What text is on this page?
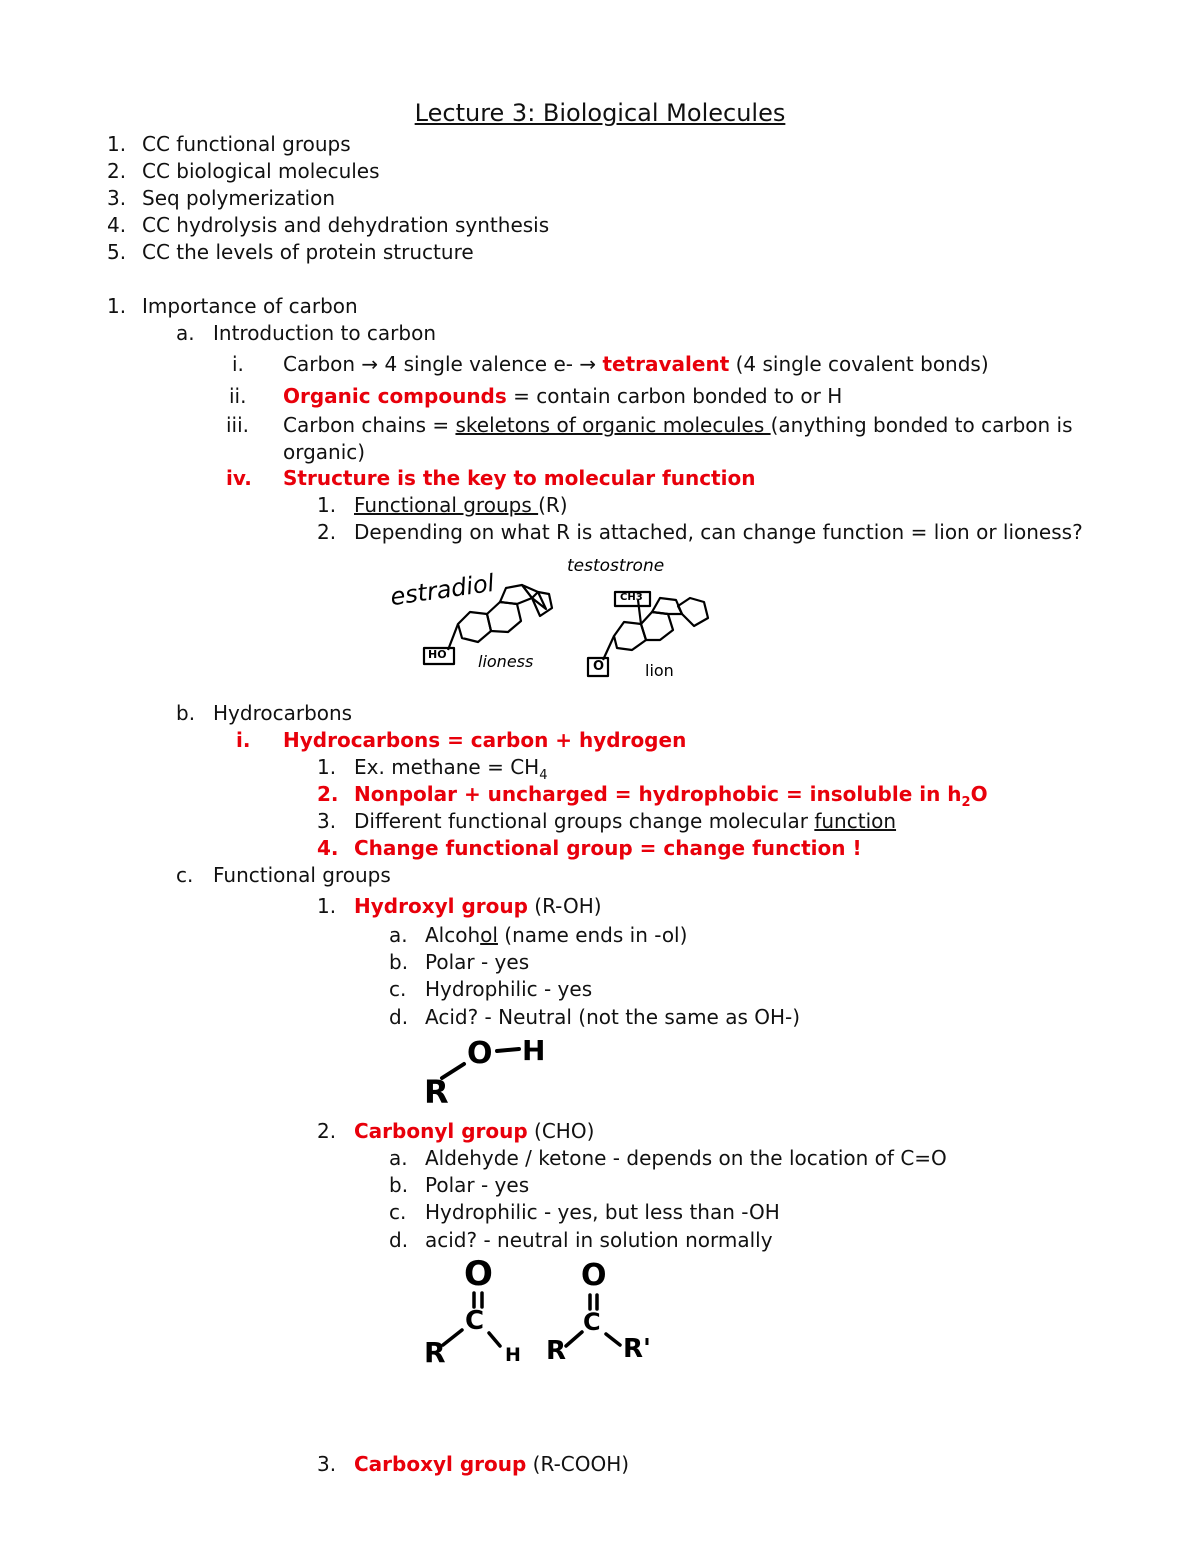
Lecture 3: Biological Molecules
1. CC functional groups
2. CC biological molecules
3. Seq polymerization
4. CC hydrolysis and dehydration synthesis
5. CC the levels of protein structure
1. Importance of carbon
a. Introduction to carbon
i. Carbon → 4 single valence e- → tetravalent (4 single covalent bonds)
ii. Organic compounds = contain carbon bonded to or H
iii. Carbon chains = skeletons of organic molecules (anything bonded to carbon is
organic)
iv. Structure is the key to molecular function
1. Functional groups (R)
2. Depending on what R is attached, can change function = lion or lioness?
estradiol
testostrone
HO
CH3
O
lioness	lion
b. Hydrocarbons
i. Hydrocarbons = carbon + hydrogen
1. Ex. methane = $CH_4$
2. Nonpolar + uncharged = hydrophobic = insoluble in $h_2O$
3. Different functional groups change molecular function
4. Change functional group = change function !
c. Functional groups
1. Hydroxyl group (R-OH)
a. Alcohol (name ends in -ol)
b. Polar - yes
c. Hydrophilic - yes
d. Acid? - Neutral (not the same as OH-)
O H
R
2. Carbonyl group (CHO)
a. Aldehyde / ketone - depends on the location of C=O
b. Polar - yes
c. Hydrophilic - yes, but less than -OH
d. acid? - neutral in solution normally
O
C
R	H
O
C
R R'
3. Carboxyl group (R-COOH)
